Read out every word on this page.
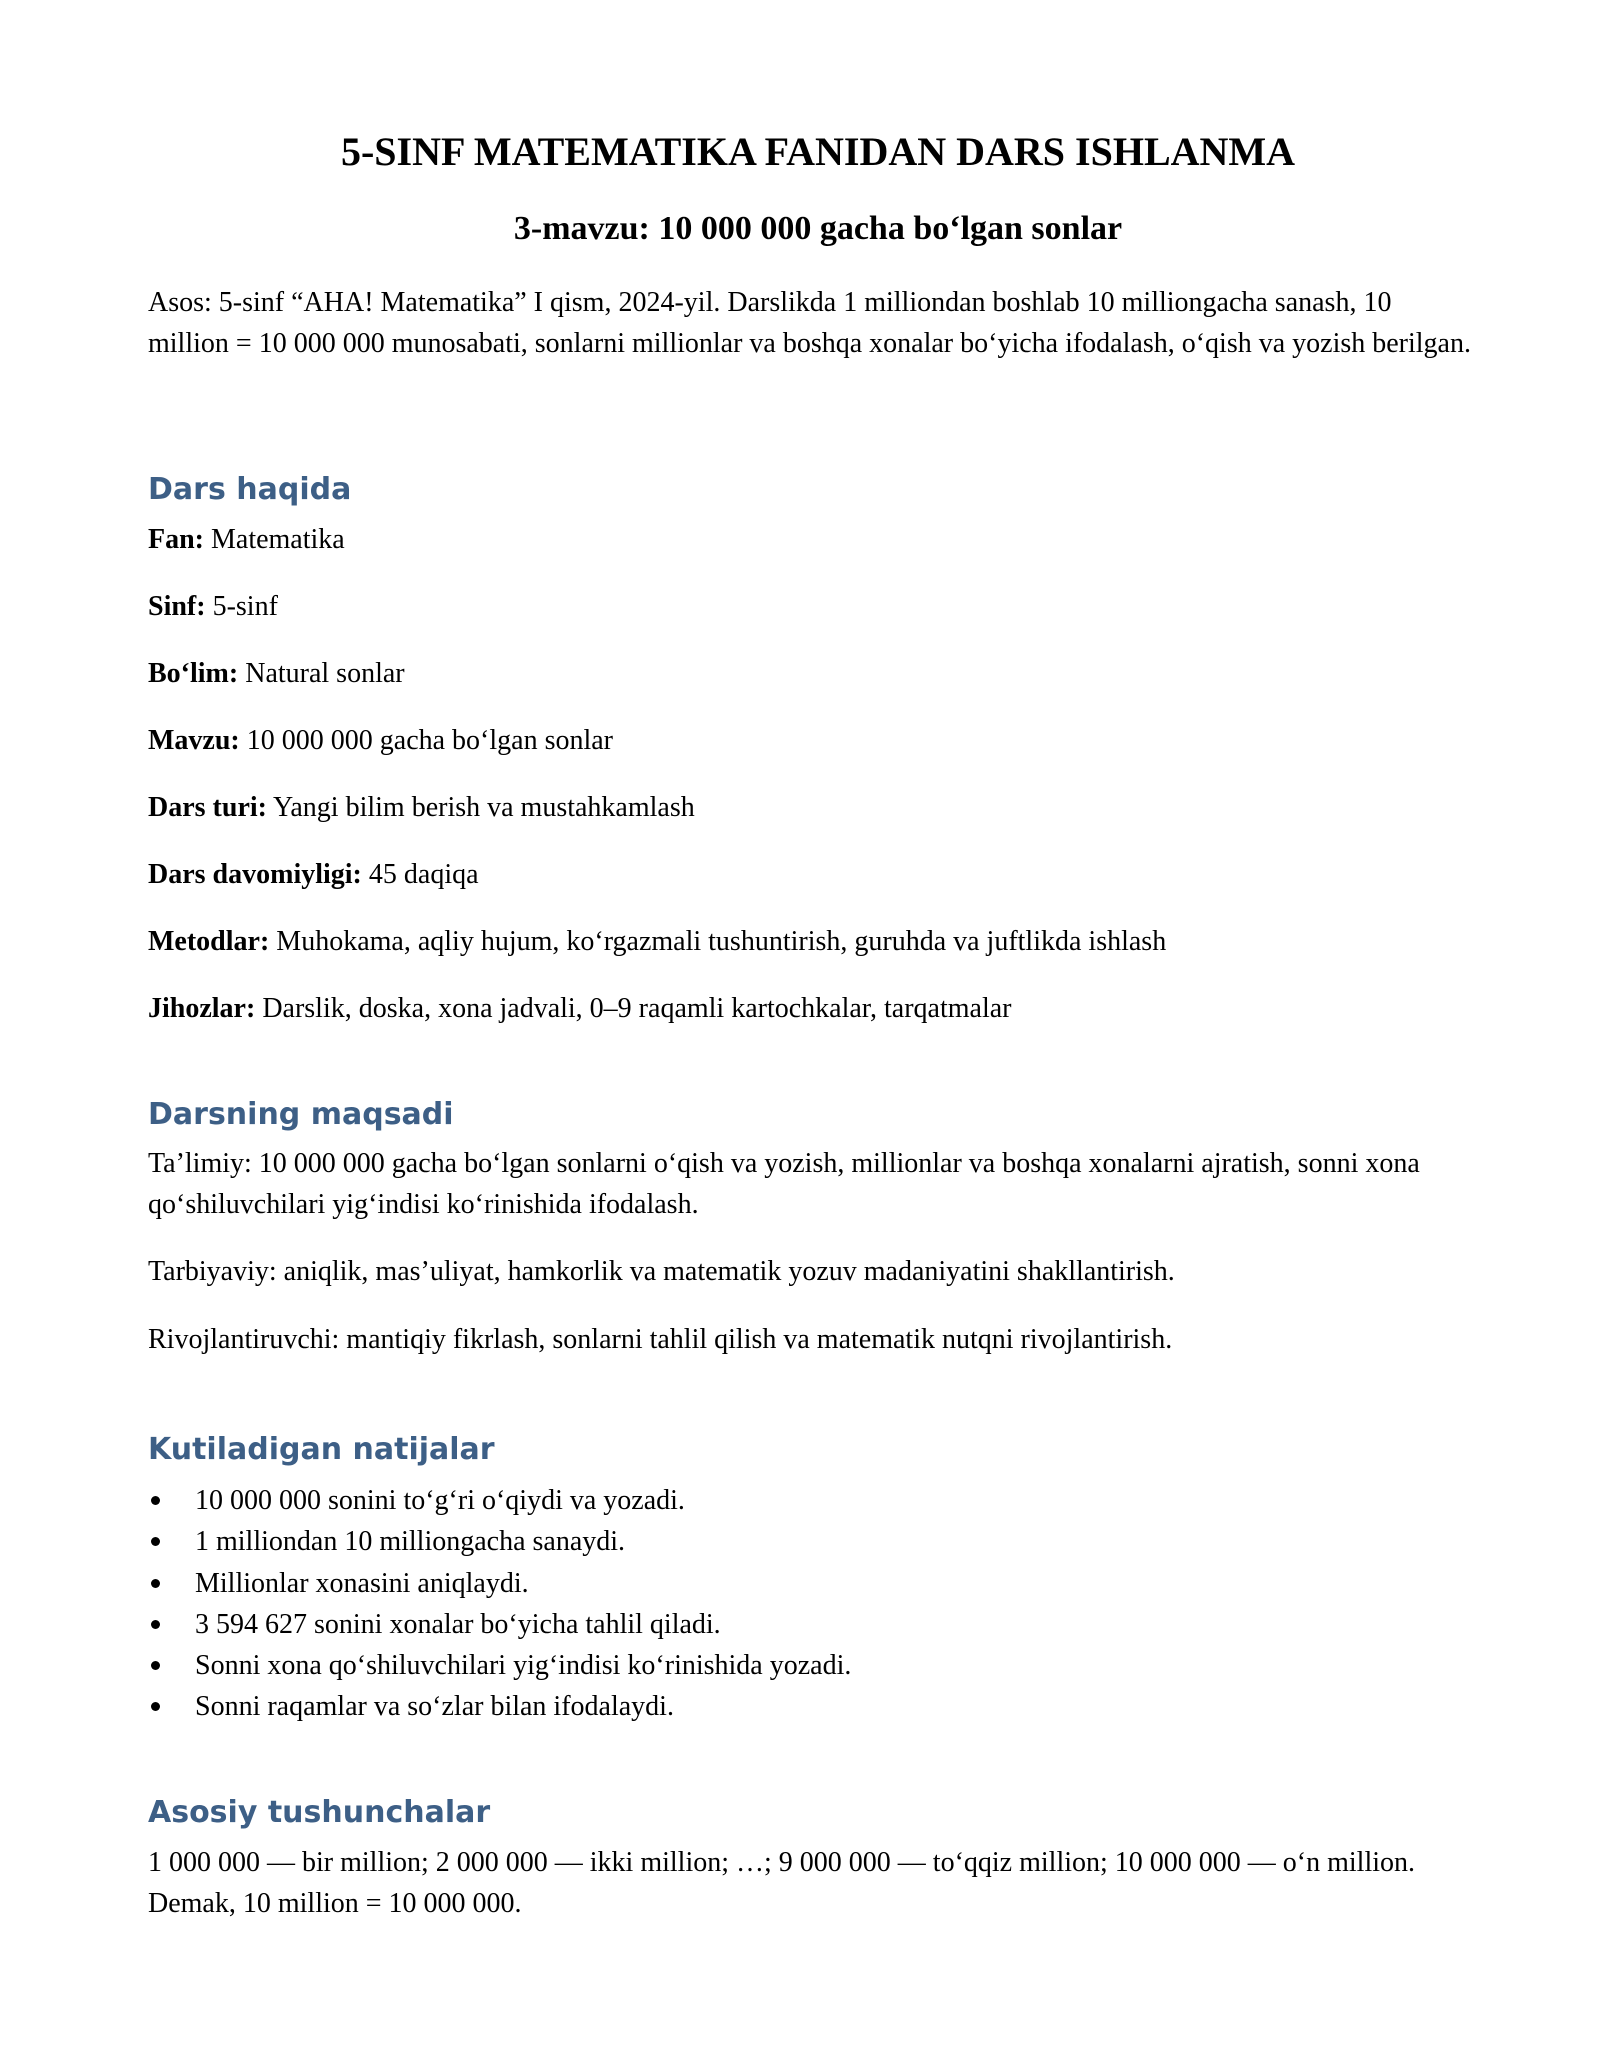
5-SINF MATEMATIKA FANIDAN DARS ISHLANMA
3-mavzu: 10 000 000 gacha boʻlgan sonlar

Asos: 5-sinf “AHA! Matematika” I qism, 2024-yil. Darslikda 1 milliondan boshlab 10 milliongacha sanash, 10 million = 10 000 000 munosabati, sonlarni millionlar va boshqa xonalar boʻyicha ifodalash, oʻqish va yozish berilgan.

Dars haqida

Fan: Matematika

Sinf: 5-sinf

Boʻlim: Natural sonlar

Mavzu: 10 000 000 gacha boʻlgan sonlar

Dars turi: Yangi bilim berish va mustahkamlash

Dars davomiyligi: 45 daqiqa

Metodlar: Muhokama, aqliy hujum, koʻrgazmali tushuntirish, guruhda va juftlikda ishlash

Jihozlar: Darslik, doska, xona jadvali, 0–9 raqamli kartochkalar, tarqatmalar

Darsning maqsadi

Ta’limiy: 10 000 000 gacha boʻlgan sonlarni oʻqish va yozish, millionlar va boshqa xonalarni ajratish, sonni xona qoʻshiluvchilari yigʻindisi koʻrinishida ifodalash.

Tarbiyaviy: aniqlik, mas’uliyat, hamkorlik va matematik yozuv madaniyatini shakllantirish.

Rivojlantiruvchi: mantiqiy fikrlash, sonlarni tahlil qilish va matematik nutqni rivojlantirish.

Kutiladigan natijalar
10 000 000 sonini toʻgʻri oʻqiydi va yozadi.
1 milliondan 10 milliongacha sanaydi.
Millionlar xonasini aniqlaydi.
3 594 627 sonini xonalar boʻyicha tahlil qiladi.
Sonni xona qoʻshiluvchilari yigʻindisi koʻrinishida yozadi.
Sonni raqamlar va soʻzlar bilan ifodalaydi.
Asosiy tushunchalar

1 000 000 — bir million; 2 000 000 — ikki million; …; 9 000 000 — toʻqqiz million; 10 000 000 — oʻn million. Demak, 10 million = 10 000 000.
